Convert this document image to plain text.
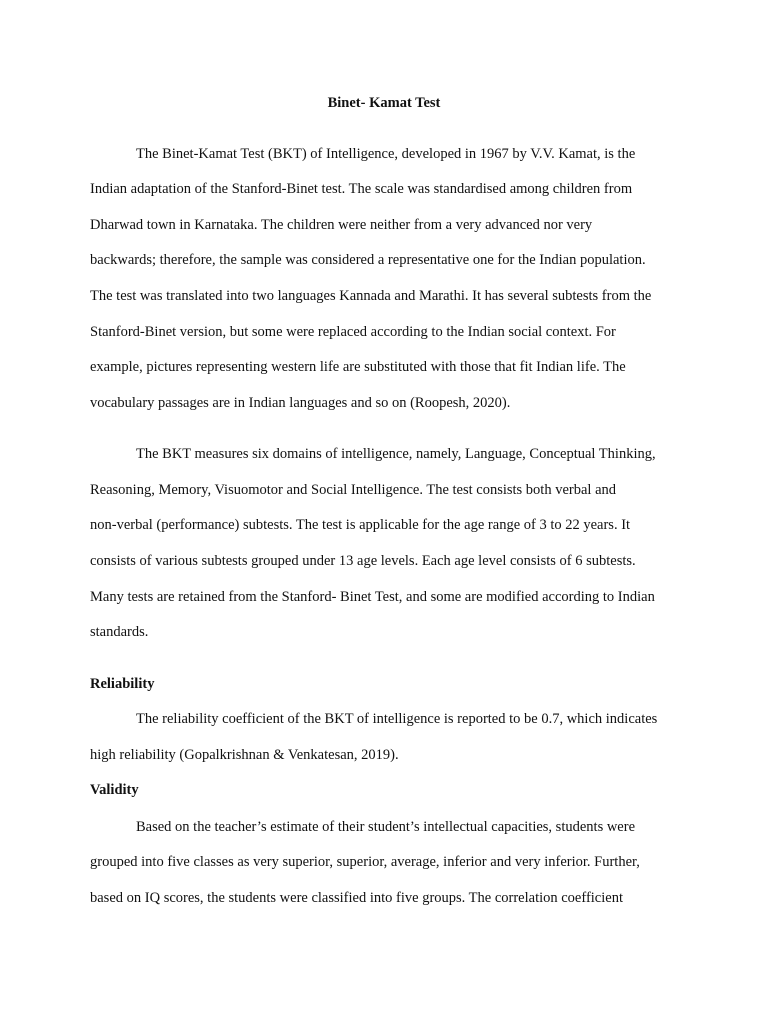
Binet- Kamat Test
The Binet-Kamat Test (BKT) of Intelligence, developed in 1967 by V.V. Kamat, is the
Indian adaptation of the Stanford-Binet test. The scale was standardised among children from
Dharwad town in Karnataka. The children were neither from a very advanced nor very
backwards; therefore, the sample was considered a representative one for the Indian population.
The test was translated into two languages Kannada and Marathi. It has several subtests from the
Stanford-Binet version, but some were replaced according to the Indian social context. For
example, pictures representing western life are substituted with those that fit Indian life. The
vocabulary passages are in Indian languages and so on (Roopesh, 2020).
The BKT measures six domains of intelligence, namely, Language, Conceptual Thinking,
Reasoning, Memory, Visuomotor and Social Intelligence. The test consists both verbal and
non-verbal (performance) subtests. The test is applicable for the age range of 3 to 22 years. It
consists of various subtests grouped under 13 age levels. Each age level consists of 6 subtests.
Many tests are retained from the Stanford- Binet Test, and some are modified according to Indian
standards.
Reliability
The reliability coefficient of the BKT of intelligence is reported to be 0.7, which indicates
high reliability (Gopalkrishnan & Venkatesan, 2019).
Validity
Based on the teacher’s estimate of their student’s intellectual capacities, students were
grouped into five classes as very superior, superior, average, inferior and very inferior. Further,
based on IQ scores, the students were classified into five groups. The correlation coefficient
